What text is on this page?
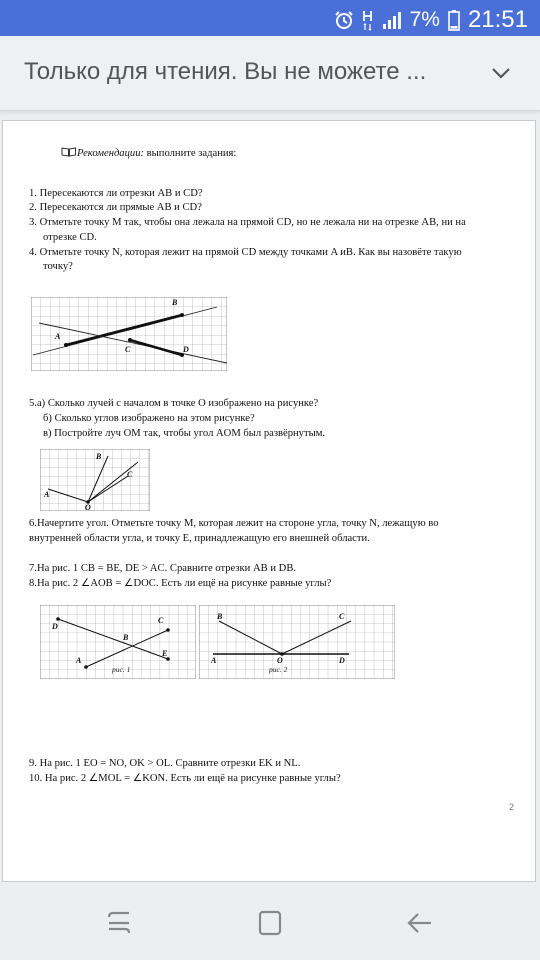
7% 21:51
Только для чтения. Вы не можете ...
Рекомендации: выполните задания:
1. Пересекаются ли отрезки AB и CD?
2. Пересекаются ли прямые AB и CD?
3. Отметьте точку M так, чтобы она лежала на прямой CD, но не лежала ни на отрезке AB, ни на
отрезке CD.
4. Отметьте точку N, которая лежит на прямой CD между точками A иB. Как вы назовёте такую
точку?
B
A
C	D
5.а) Сколько лучей с началом в точке O изображено на рисунке?
б) Сколько углов изображено на этом рисунке?
в) Постройте луч OM так, чтобы угол AOM был развёрнутым.
B
C
A
O
6.Начертите угол. Отметьте точку M, которая лежит на стороне угла, точку N, лежащую во
внутренней области угла, и точку E, принадлежащую его внешней области.
7.На рис. 1 CB = BE, DE > AC. Сравните отрезки AB и DB.
8.На рис. 2 ∠AOB = ∠DOC. Есть ли ещё на рисунке равные углы?
D
C
B
A
E
рис. 1
B	C
A	O	D
рис. 2
9. На рис. 1 EO = NO, OK > OL. Сравните отрезки EK и NL.
10. На рис. 2 ∠MOL = ∠KON. Есть ли ещё на рисунке равные углы?
2
